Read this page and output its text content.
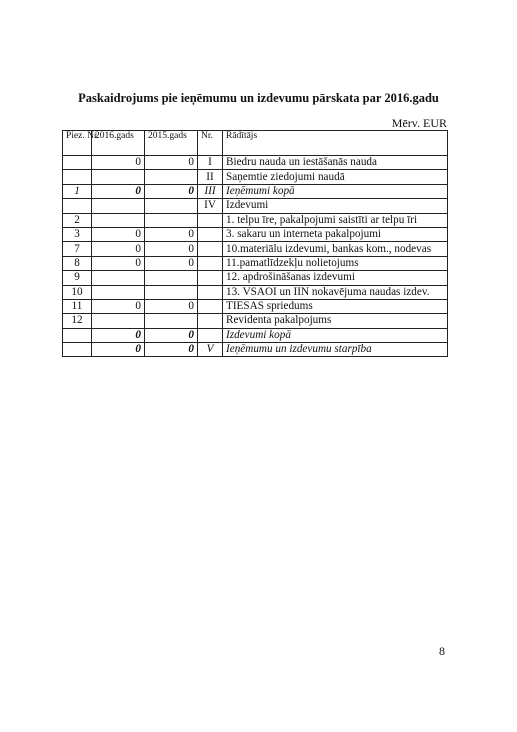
Paskaidrojums pie ieņēmumu un izdevumu pārskata par 2016.gadu
Mērv. EUR
Piez. Nr.	2016.gads	2015.gads	Nr.	Rādītājs
	0	0	I	Biedru nauda un iestāšanās nauda
			II	Saņemtie ziedojumi naudā
1	0	0	III	Ieņēmumi kopā
			IV	Izdevumi
2				1. telpu īre, pakalpojumi saistīti ar telpu īri
3	0	0		3. sakaru un interneta pakalpojumi
7	0	0		10.materiālu izdevumi, bankas kom., nodevas
8	0	0		11.pamatlīdzekļu nolietojums
9				12. apdrošināšanas izdevumi
10				13. VSAOI un IIN nokavējuma naudas izdev.
11	0	0		TIESAS spriedums
12				Revidenta pakalpojums
	0	0		Izdevumi kopā
	0	0	V	Ieņēmumu un izdevumu starpība
8
